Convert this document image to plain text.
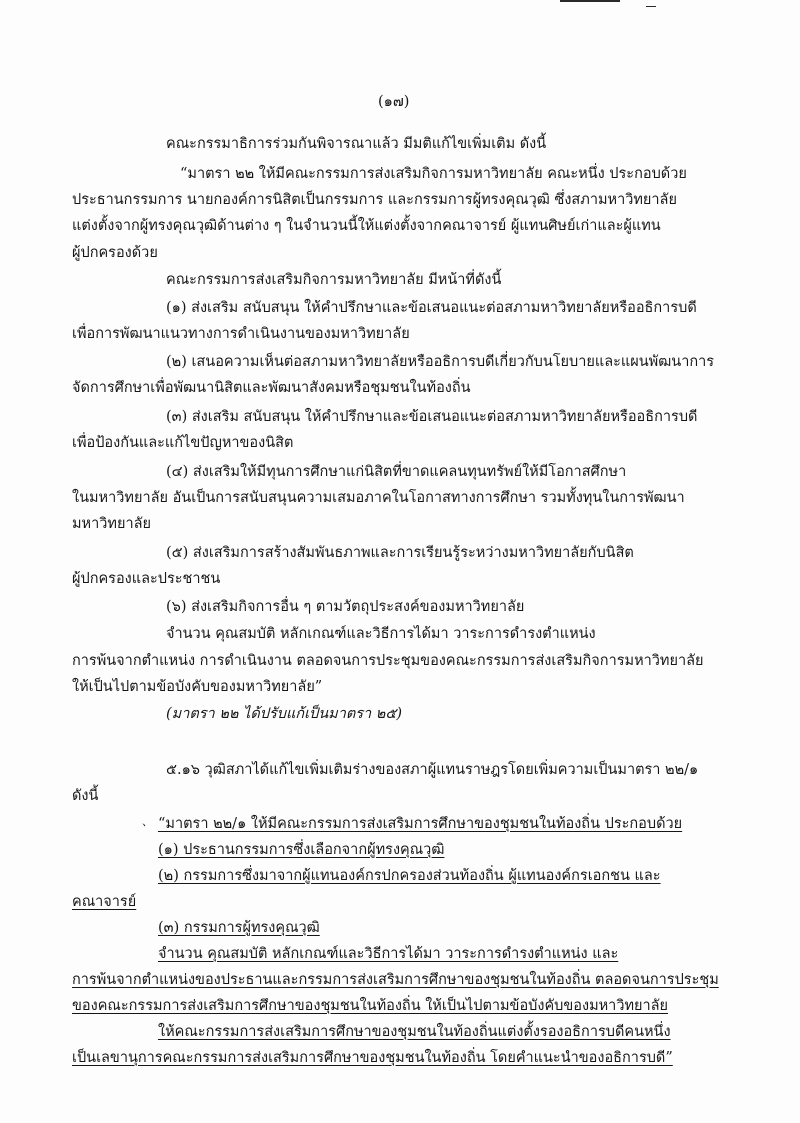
(๑๗)

คณะกรรมาธิการร่วมกันพิจารณาแล้ว มีมติแก้ไขเพิ่มเติม ดังนี้

“มาตรา ๒๒ ให้มีคณะกรรมการส่งเสริมกิจการมหาวิทยาลัย คณะหนึ่ง ประกอบด้วย

ประธานกรรมการ นายกองค์การนิสิตเป็นกรรมการ และกรรมการผู้ทรงคุณวุฒิ ซึ่งสภามหาวิทยาลัย

แต่งตั้งจากผู้ทรงคุณวุฒิด้านต่าง ๆ ในจำนวนนี้ให้แต่งตั้งจากคณาจารย์ ผู้แทนศิษย์เก่าและผู้แทน

ผู้ปกครองด้วย

คณะกรรมการส่งเสริมกิจการมหาวิทยาลัย มีหน้าที่ดังนี้

(๑) ส่งเสริม สนับสนุน ให้คำปรึกษาและข้อเสนอแนะต่อสภามหาวิทยาลัยหรืออธิการบดี

เพื่อการพัฒนาแนวทางการดำเนินงานของมหาวิทยาลัย

(๒) เสนอความเห็นต่อสภามหาวิทยาลัยหรืออธิการบดีเกี่ยวกับนโยบายและแผนพัฒนาการ

จัดการศึกษาเพื่อพัฒนานิสิตและพัฒนาสังคมหรือชุมชนในท้องถิ่น

(๓) ส่งเสริม สนับสนุน ให้คำปรึกษาและข้อเสนอแนะต่อสภามหาวิทยาลัยหรืออธิการบดี

เพื่อป้องกันและแก้ไขปัญหาของนิสิต

(๔) ส่งเสริมให้มีทุนการศึกษาแก่นิสิตที่ขาดแคลนทุนทรัพย์ให้มีโอกาสศึกษา

ในมหาวิทยาลัย อันเป็นการสนับสนุนความเสมอภาคในโอกาสทางการศึกษา รวมทั้งทุนในการพัฒนา

มหาวิทยาลัย

(๕) ส่งเสริมการสร้างสัมพันธภาพและการเรียนรู้ระหว่างมหาวิทยาลัยกับนิสิต

ผู้ปกครองและประชาชน

(๖) ส่งเสริมกิจการอื่น ๆ ตามวัตถุประสงค์ของมหาวิทยาลัย

จำนวน คุณสมบัติ หลักเกณฑ์และวิธีการได้มา วาระการดำรงตำแหน่ง

การพ้นจากตำแหน่ง การดำเนินงาน ตลอดจนการประชุมของคณะกรรมการส่งเสริมกิจการมหาวิทยาลัย

ให้เป็นไปตามข้อบังคับของมหาวิทยาลัย”

(มาตรา ๒๒ ได้ปรับแก้เป็นมาตรา ๒๕)

๕.๑๖ วุฒิสภาได้แก้ไขเพิ่มเติมร่างของสภาผู้แทนราษฎรโดยเพิ่มความเป็นมาตรา ๒๒/๑

ดังนี้

、 “มาตรา ๒๒/๑ ให้มีคณะกรรมการส่งเสริมการศึกษาของชุมชนในท้องถิ่น ประกอบด้วย

(๑) ประธานกรรมการซึ่งเลือกจากผู้ทรงคุณวุฒิ

(๒) กรรมการซึ่งมาจากผู้แทนองค์กรปกครองส่วนท้องถิ่น ผู้แทนองค์กรเอกชน และ

คณาจารย์

(๓) กรรมการผู้ทรงคุณวุฒิ

จำนวน คุณสมบัติ หลักเกณฑ์และวิธีการได้มา วาระการดำรงตำแหน่ง และ

การพ้นจากตำแหน่งของประธานและกรรมการส่งเสริมการศึกษาของชุมชนในท้องถิ่น ตลอดจนการประชุม

ของคณะกรรมการส่งเสริมการศึกษาของชุมชนในท้องถิ่น ให้เป็นไปตามข้อบังคับของมหาวิทยาลัย

ให้คณะกรรมการส่งเสริมการศึกษาของชุมชนในท้องถิ่นแต่งตั้งรองอธิการบดีคนหนึ่ง

เป็นเลขานุการคณะกรรมการส่งเสริมการศึกษาของชุมชนในท้องถิ่น โดยคำแนะนำของอธิการบดี”
